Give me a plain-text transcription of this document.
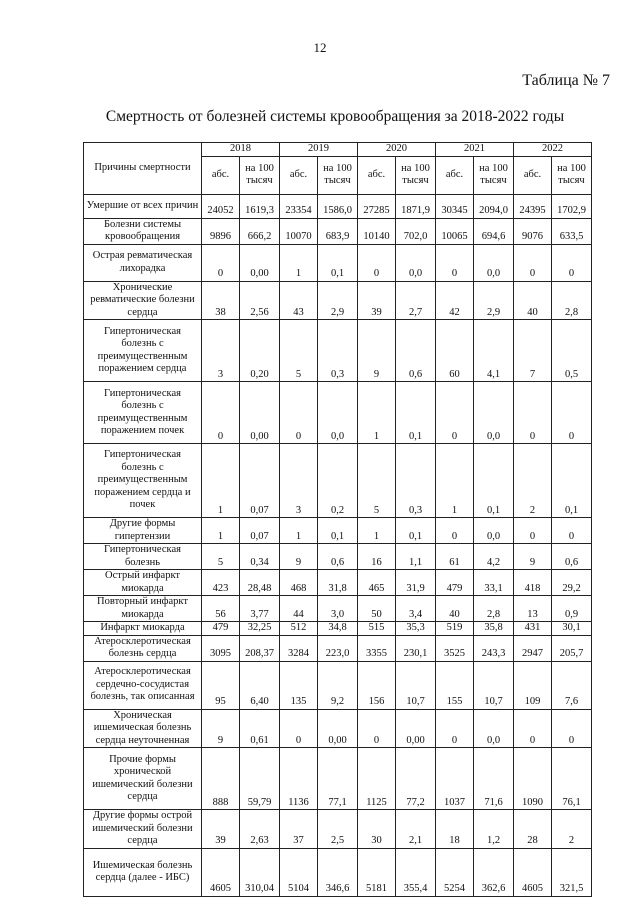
12
Таблица № 7
Смертность от болезней системы кровообращения за 2018-2022 годы
Причины смертности	2018		2019		2020		2021		2022	
	абс.	на 100 тысяч	абс.	на 100 тысяч	абс.	на 100 тысяч	абс.	на 100 тысяч	абс.	на 100 тысяч
Умершие от всех причин	24052	1619,3	23354	1586,0	27285	1871,9	30345	2094,0	24395	1702,9
Болезни системы кровообращения	9896	666,2	10070	683,9	10140	702,0	10065	694,6	9076	633,5
Острая ревматическая лихорадка	0	0,00	1	0,1	0	0,0	0	0,0	0	0
Хронические ревматические болезни сердца	38	2,56	43	2,9	39	2,7	42	2,9	40	2,8
Гипертоническая болезнь с преимущественным поражением сердца	3	0,20	5	0,3	9	0,6	60	4,1	7	0,5
Гипертоническая болезнь с преимущественным поражением почек	0	0,00	0	0,0	1	0,1	0	0,0	0	0
Гипертоническая болезнь с преимущественным поражением сердца и почек	1	0,07	3	0,2	5	0,3	1	0,1	2	0,1
Другие формы гипертензии	1	0,07	1	0,1	1	0,1	0	0,0	0	0
Гипертоническая болезнь	5	0,34	9	0,6	16	1,1	61	4,2	9	0,6
Острый инфаркт миокарда	423	28,48	468	31,8	465	31,9	479	33,1	418	29,2
Повторный инфаркт миокарда	56	3,77	44	3,0	50	3,4	40	2,8	13	0,9
Инфаркт миокарда	479	32,25	512	34,8	515	35,3	519	35,8	431	30,1
Атеросклеротическая болезнь сердца	3095	208,37	3284	223,0	3355	230,1	3525	243,3	2947	205,7
Атеросклеротическая сердечно-сосудистая болезнь, так описанная	95	6,40	135	9,2	156	10,7	155	10,7	109	7,6
Хроническая ишемическая болезнь сердца неуточненная	9	0,61	0	0,00	0	0,00	0	0,0	0	0
Прочие формы хронической ишемический болезни сердца	888	59,79	1136	77,1	1125	77,2	1037	71,6	1090	76,1
Другие формы острой ишемический болезни сердца	39	2,63	37	2,5	30	2,1	18	1,2	28	2
Ишемическая болезнь сердца (далее - ИБС)	4605	310,04	5104	346,6	5181	355,4	5254	362,6	4605	321,5
